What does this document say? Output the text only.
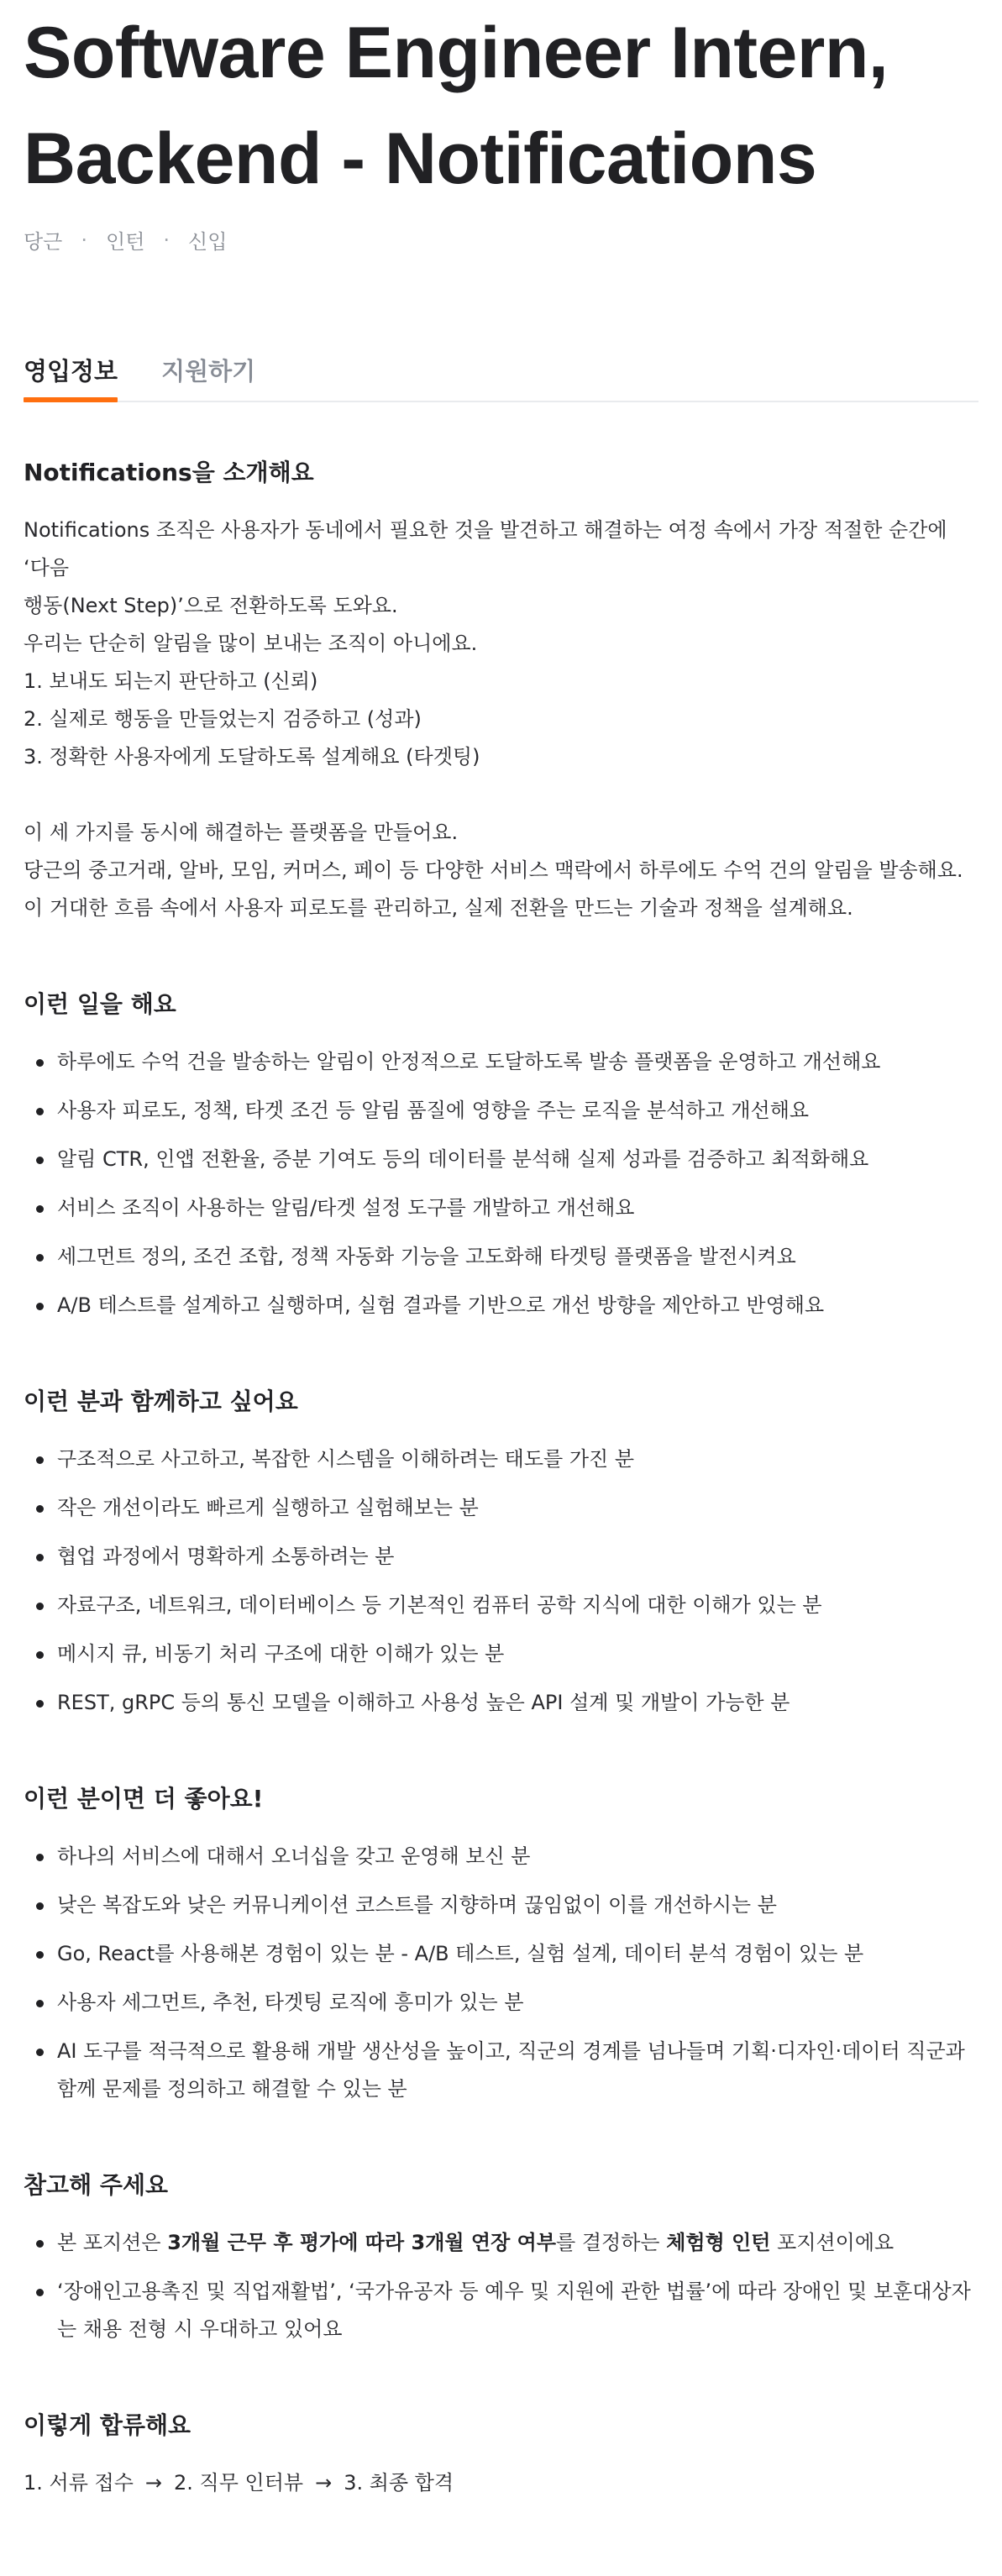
Software Engineer Intern,
Backend - Notifications
당근 · 인턴 · 신입
영입정보 지원하기
Notifications을 소개해요

Notifications 조직은 사용자가 동네에서 필요한 것을 발견하고 해결하는 여정 속에서 가장 적절한 순간에 ‘다음

행동(Next Step)’으로 전환하도록 도와요.

우리는 단순히 알림을 많이 보내는 조직이 아니에요.

1. 보내도 되는지 판단하고 (신뢰)

2. 실제로 행동을 만들었는지 검증하고 (성과)

3. 정확한 사용자에게 도달하도록 설계해요 (타겟팅)

이 세 가지를 동시에 해결하는 플랫폼을 만들어요.

당근의 중고거래, 알바, 모임, 커머스, 페이 등 다양한 서비스 맥락에서 하루에도 수억 건의 알림을 발송해요.

이 거대한 흐름 속에서 사용자 피로도를 관리하고, 실제 전환을 만드는 기술과 정책을 설계해요.

이런 일을 해요
하루에도 수억 건을 발송하는 알림이 안정적으로 도달하도록 발송 플랫폼을 운영하고 개선해요
사용자 피로도, 정책, 타겟 조건 등 알림 품질에 영향을 주는 로직을 분석하고 개선해요
알림 CTR, 인앱 전환율, 증분 기여도 등의 데이터를 분석해 실제 성과를 검증하고 최적화해요
서비스 조직이 사용하는 알림/타겟 설정 도구를 개발하고 개선해요
세그먼트 정의, 조건 조합, 정책 자동화 기능을 고도화해 타겟팅 플랫폼을 발전시켜요
A/B 테스트를 설계하고 실행하며, 실험 결과를 기반으로 개선 방향을 제안하고 반영해요
이런 분과 함께하고 싶어요
구조적으로 사고하고, 복잡한 시스템을 이해하려는 태도를 가진 분
작은 개선이라도 빠르게 실행하고 실험해보는 분
협업 과정에서 명확하게 소통하려는 분
자료구조, 네트워크, 데이터베이스 등 기본적인 컴퓨터 공학 지식에 대한 이해가 있는 분
메시지 큐, 비동기 처리 구조에 대한 이해가 있는 분
REST, gRPC 등의 통신 모델을 이해하고 사용성 높은 API 설계 및 개발이 가능한 분
이런 분이면 더 좋아요!
하나의 서비스에 대해서 오너십을 갖고 운영해 보신 분
낮은 복잡도와 낮은 커뮤니케이션 코스트를 지향하며 끊임없이 이를 개선하시는 분
Go, React를 사용해본 경험이 있는 분 - A/B 테스트, 실험 설계, 데이터 분석 경험이 있는 분
사용자 세그먼트, 추천, 타겟팅 로직에 흥미가 있는 분
AI 도구를 적극적으로 활용해 개발 생산성을 높이고, 직군의 경계를 넘나들며 기획·디자인·데이터 직군과 함께 문제를 정의하고 해결할 수 있는 분
참고해 주세요
본 포지션은 3개월 근무 후 평가에 따라 3개월 연장 여부를 결정하는 체험형 인턴 포지션이에요
‘장애인고용촉진 및 직업재활법’, ‘국가유공자 등 예우 및 지원에 관한 법률’에 따라 장애인 및 보훈대상자는 채용 전형 시 우대하고 있어요
이렇게 합류해요
1. 서류 접수 → 2. 직무 인터뷰 → 3. 최종 합격
